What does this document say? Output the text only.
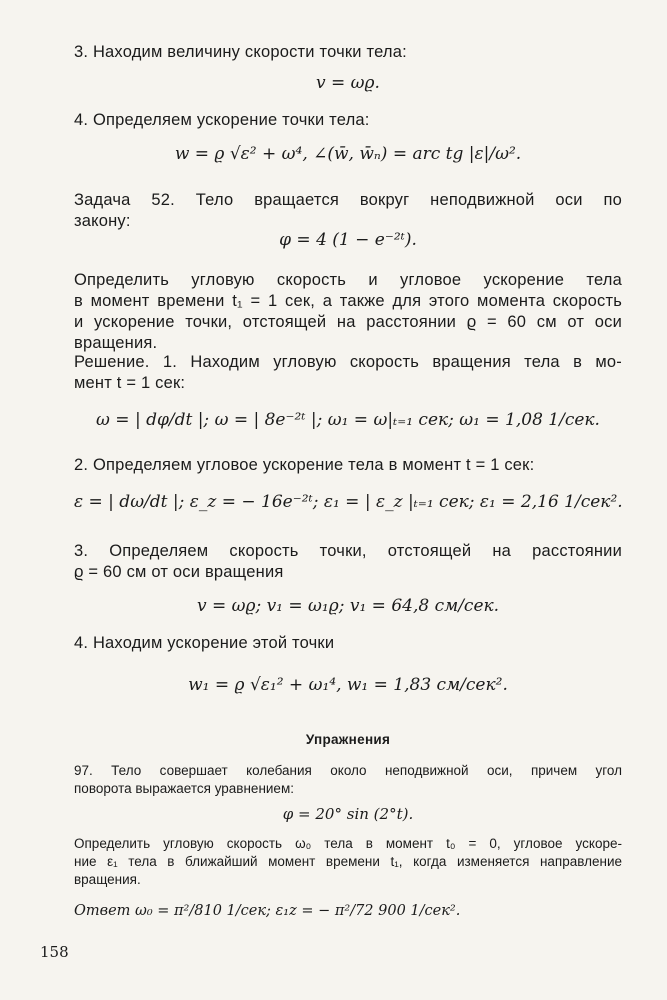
3. Находим величину скорости точки тела:
v = ωϱ.
4. Определяем ускорение точки тела:
w = ϱ √ε² + ω⁴, ∠(w̄, w̄ₙ) = arc tg |ε|/ω².
Задача 52. Тело вращается вокруг неподвижной оси по
закону:
φ = 4 (1 − e⁻²ᵗ).
Определить угловую скорость и угловое ускорение тела
в момент времени t₁ = 1 сек, а также для этого момента скорость
и ускорение точки, отстоящей на расстоянии ϱ = 60 см от оси
вращения.
Решение. 1. Находим угловую скорость вращения тела в мо-
мент t = 1 сек:
ω = | dφ/dt |; ω = | 8e⁻²ᵗ |; ω₁ = ω|ₜ₌₁ сек; ω₁ = 1,08 1/сек.
2. Определяем угловое ускорение тела в момент t = 1 сек:
ε = | dω/dt |; ε_z = − 16e⁻²ᵗ; ε₁ = | ε_z |ₜ₌₁ сек; ε₁ = 2,16 1/сек².
3. Определяем скорость точки, отстоящей на расстоянии
ϱ = 60 см от оси вращения
v = ωϱ; v₁ = ω₁ϱ; v₁ = 64,8 см/сек.
4. Находим ускорение этой точки
w₁ = ϱ √ε₁² + ω₁⁴, w₁ = 1,83 см/сек².
Упражнения
97. Тело совершает колебания около неподвижной оси, причем угол
поворота выражается уравнением:
φ = 20° sin (2°t).
Определить угловую скорость ω₀ тела в момент t₀ = 0, угловое ускоре-
ние ε₁ тела в ближайший момент времени t₁, когда изменяется направление
вращения.
Ответ ω₀ = π²/810 1/сек; ε₁z = − π²/72 900 1/сек².
158
